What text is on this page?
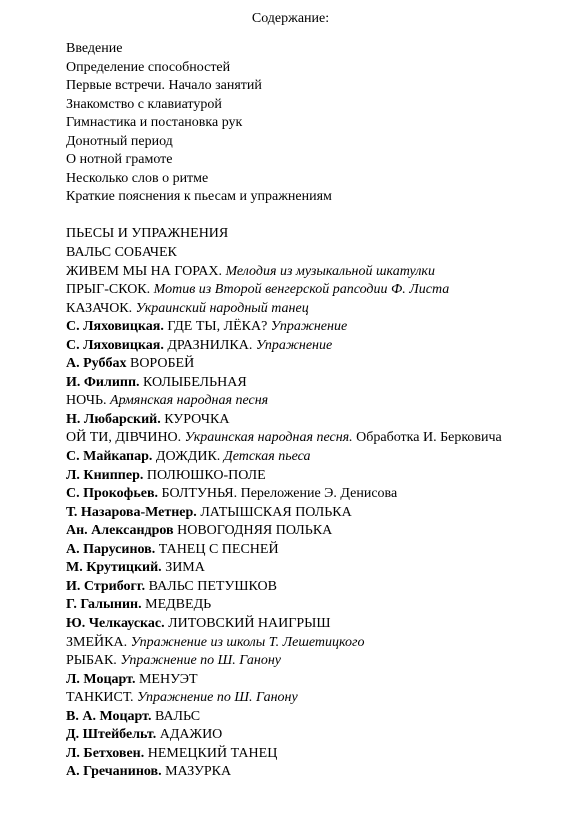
Содержание:
Введение
Определение способностей
Первые встречи. Начало занятий
Знакомство с клавиатурой
Гимнастика и постановка рук
Донотный период
О нотной грамоте
Несколько слов о ритме
Краткие пояснения к пьесам и упражнениям
ПЬЕСЫ И УПРАЖНЕНИЯ
ВАЛЬС СОБАЧЕК
ЖИВЕМ МЫ НА ГОРАХ. Мелодия из музыкальной шкатулки
ПРЫГ-СКОК. Мотив из Второй венгерской рапсодии Ф. Листа
КАЗАЧОК. Украинский народный танец
С. Ляховицкая. ГДЕ ТЫ, ЛЁКА? Упражнение
С. Ляховицкая. ДРАЗНИЛКА. Упражнение
А. Руббах ВОРОБЕЙ
И. Филипп. КОЛЫБЕЛЬНАЯ
НОЧЬ. Армянская народная песня
Н. Любарский. КУРОЧКА
ОЙ ТИ, ДІВЧИНО. Украинская народная песня. Обработка И. Берковича
С. Майкапар. ДОЖДИК. Детская пьеса
Л. Книппер. ПОЛЮШКО-ПОЛЕ
С. Прокофьев. БОЛТУНЬЯ. Переложение Э. Денисова
Т. Назарова-Метнер. ЛАТЫШСКАЯ ПОЛЬКА
Ан. Александров НОВОГОДНЯЯ ПОЛЬКА
А. Парусинов. ТАНЕЦ С ПЕСНЕЙ
М. Крутицкий. ЗИМА
И. Стрибогг. ВАЛЬС ПЕТУШКОВ
Г. Галынин. МЕДВЕДЬ
Ю. Челкаускас. ЛИТОВСКИЙ НАИГРЫШ
ЗМЕЙКА. Упражнение из школы Т. Лешетицкого
РЫБАК. Упражнение по Ш. Ганону
Л. Моцарт. МЕНУЭТ
ТАНКИСТ. Упражнение по Ш. Ганону
В. А. Моцарт. ВАЛЬС
Д. Штейбельт. АДАЖИО
Л. Бетховен. НЕМЕЦКИЙ ТАНЕЦ
А. Гречанинов. МАЗУРКА
